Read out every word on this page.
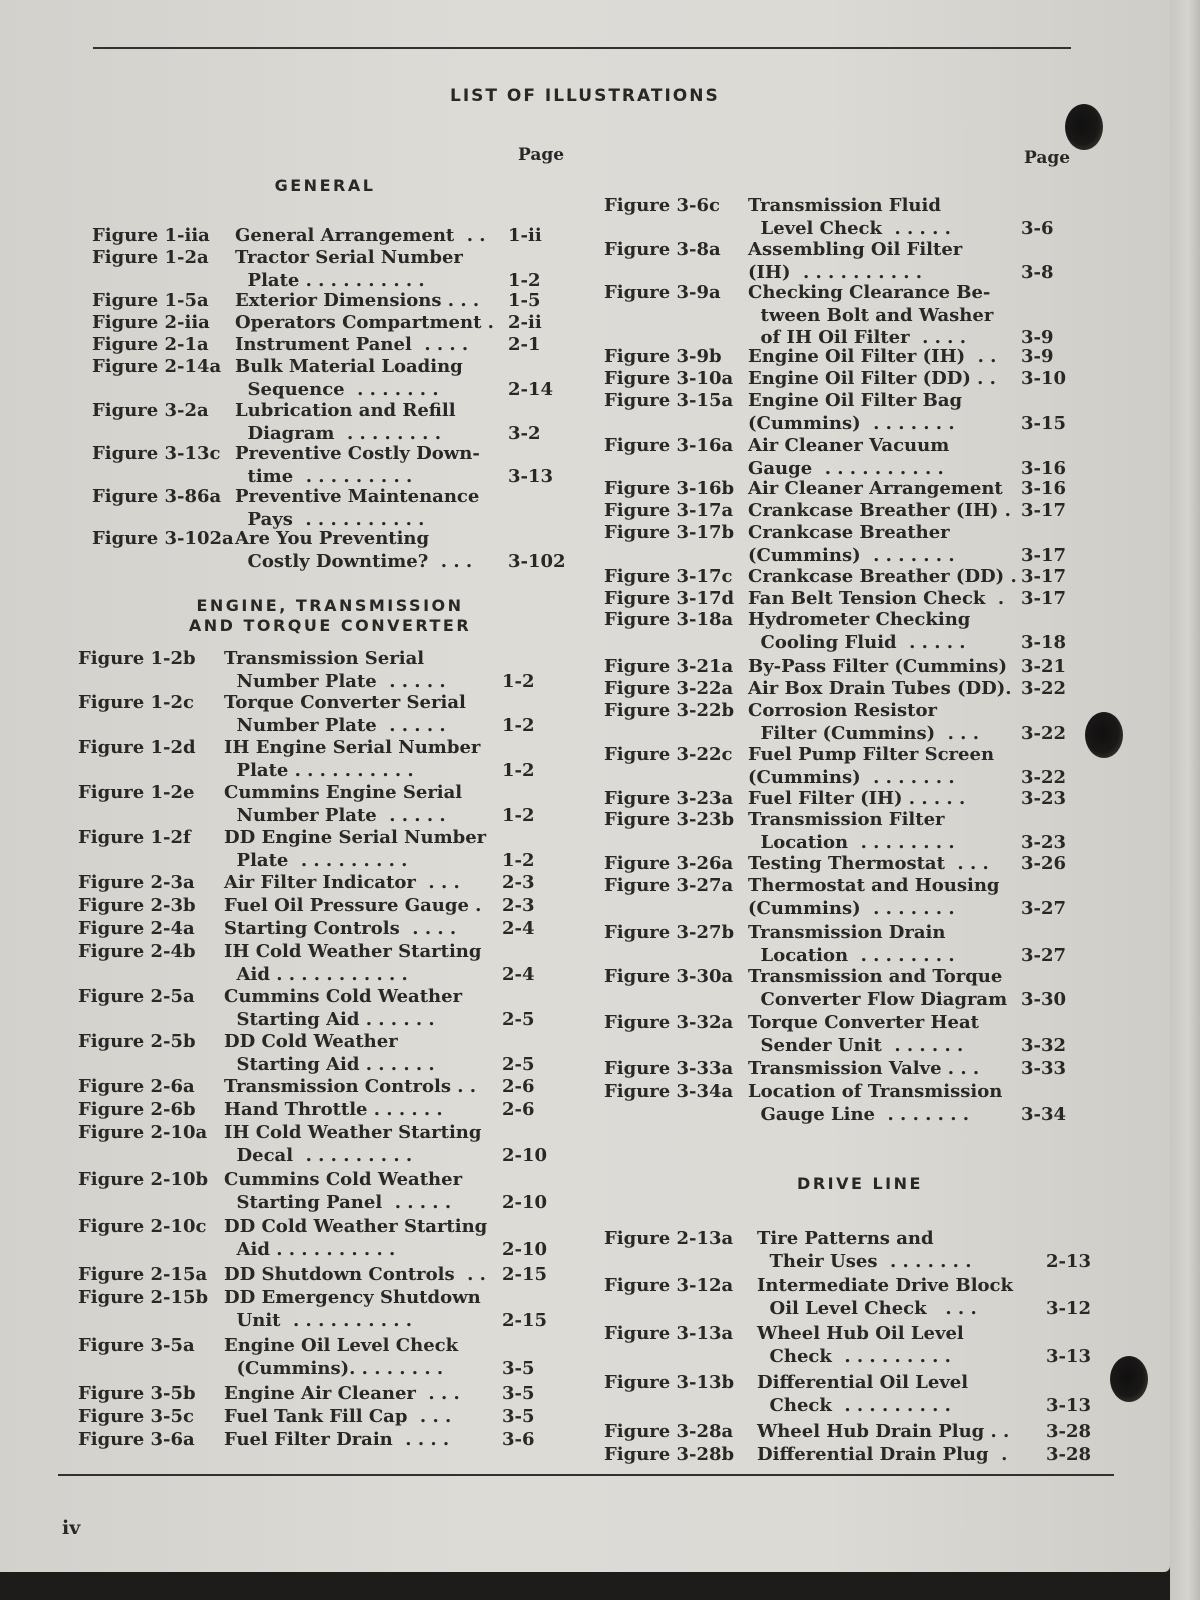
LIST OF ILLUSTRATIONS
Page	Page
GENERAL
ENGINE, TRANSMISSION
AND TORQUE CONVERTER
DRIVE LINE
Figure 1-iia General Arrangement  . . 1-ii
Figure 1-2a Tractor Serial Number
Plate . . . . . . . . . .	1-2
Figure 1-5a Exterior Dimensions . . . 1-5
Figure 2-iia Operators Compartment . 2-ii
Figure 2-1a Instrument Panel  . . . . 2-1
Figure 2-14a Bulk Material Loading
Sequence  . . . . . . .	2-14
Figure 3-2a Lubrication and Refill
Diagram  . . . . . . . .	3-2
Figure 3-13c Preventive Costly Down-
time  . . . . . . . . .	3-13
Figure 3-86a Preventive Maintenance
Pays  . . . . . . . . . .
Figure 3-102a Are You Preventing
Costly Downtime?  . . . 3-102
Figure 1-2b Transmission Serial
Number Plate  . . . . .	1-2
Figure 1-2c Torque Converter Serial
Number Plate  . . . . .	1-2
Figure 1-2d IH Engine Serial Number
Plate . . . . . . . . . .	1-2
Figure 1-2e Cummins Engine Serial
Number Plate  . . . . .	1-2
Figure 1-2f DD Engine Serial Number
Plate  . . . . . . . . .	1-2
Figure 2-3a Air Filter Indicator  . . . 2-3
Figure 2-3b Fuel Oil Pressure Gauge . 2-3
Figure 2-4a Starting Controls  . . . .	2-4
Figure 2-4b IH Cold Weather Starting
Aid . . . . . . . . . . .	2-4
Figure 2-5a Cummins Cold Weather
Starting Aid . . . . . .	2-5
Figure 2-5b DD Cold Weather
Starting Aid . . . . . .	2-5
Figure 2-6a Transmission Controls . . 2-6
Figure 2-6b Hand Throttle . . . . . .	2-6
Figure 2-10a IH Cold Weather Starting
Decal  . . . . . . . . .	2-10
Figure 2-10b Cummins Cold Weather
Starting Panel  . . . . .	2-10
Figure 2-10c DD Cold Weather Starting
Aid . . . . . . . . . .	2-10
Figure 2-15a DD Shutdown Controls  . . 2-15
Figure 2-15b DD Emergency Shutdown
Unit  . . . . . . . . . .	2-15
Figure 3-5a Engine Oil Level Check
(Cummins). . . . . . . .	3-5
Figure 3-5b Engine Air Cleaner  . . . 3-5
Figure 3-5c Fuel Tank Fill Cap  . . .	3-5
Figure 3-6a Fuel Filter Drain  . . . .	3-6
Figure 3-6c Transmission Fluid
Level Check  . . . . .	3-6
Figure 3-8a Assembling Oil Filter
(IH)  . . . . . . . . . .	3-8
Figure 3-9a Checking Clearance Be-
tween Bolt and Washer
of IH Oil Filter  . . . .	3-9
Figure 3-9b Engine Oil Filter (IH)  . . 3-9
Figure 3-10a Engine Oil Filter (DD) . . 3-10
Figure 3-15a Engine Oil Filter Bag
(Cummins)  . . . . . . .	3-15
Figure 3-16a Air Cleaner Vacuum
Gauge  . . . . . . . . . .	3-16
Figure 3-16b Air Cleaner Arrangement 3-16
Figure 3-17a Crankcase Breather (IH) . 3-17
Figure 3-17b Crankcase Breather
(Cummins)  . . . . . . .	3-17
Figure 3-17c Crankcase Breather (DD) . 3-17
Figure 3-17d Fan Belt Tension Check  . 3-17
Figure 3-18a Hydrometer Checking
Cooling Fluid  . . . . .	3-18
Figure 3-21a By-Pass Filter (Cummins) 3-21
Figure 3-22a Air Box Drain Tubes (DD). 3-22
Figure 3-22b Corrosion Resistor
Filter (Cummins)  . . . 3-22
Figure 3-22c Fuel Pump Filter Screen
(Cummins)  . . . . . . .	3-22
Figure 3-23a Fuel Filter (IH) . . . . .	3-23
Figure 3-23b Transmission Filter
Location  . . . . . . . .	3-23
Figure 3-26a Testing Thermostat  . . . 3-26
Figure 3-27a Thermostat and Housing
(Cummins)  . . . . . . .	3-27
Figure 3-27b Transmission Drain
Location  . . . . . . . .	3-27
Figure 3-30a Transmission and Torque
Converter Flow Diagram 3-30
Figure 3-32a Torque Converter Heat
Sender Unit  . . . . . .	3-32
Figure 3-33a Transmission Valve . . . 3-33
Figure 3-34a Location of Transmission
Gauge Line  . . . . . . .	3-34
Figure 2-13a Tire Patterns and
Their Uses  . . . . . . .	2-13
Figure 3-12a Intermediate Drive Block
Oil Level Check   . . .	3-12
Figure 3-13a Wheel Hub Oil Level
Check  . . . . . . . . .	3-13
Figure 3-13b Differential Oil Level
Check  . . . . . . . . .	3-13
Figure 3-28a Wheel Hub Drain Plug . . 3-28
Figure 3-28b Differential Drain Plug  . 3-28
iv
